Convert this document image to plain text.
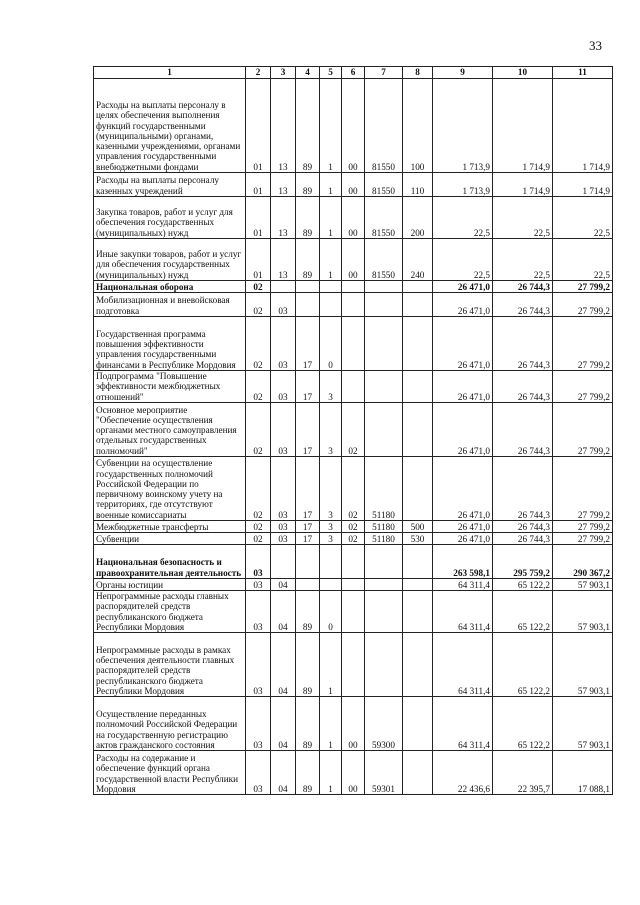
33
1	2	3	4	5	6	7	8	9	10	11
Расходы на выплаты персоналу в целях обеспечения выполнения функций государственными (муниципальными) органами, казенными учреждениями, органами управления государственными внебюджетными фондами	01	13	89	1	00	81550	100	1 713,9	1 714,9	1 714,9
Расходы на выплаты персоналу казенных учреждений	01	13	89	1	00	81550	110	1 713,9	1 714,9	1 714,9
Закупка товаров, работ и услуг для обеспечения государственных (муниципальных) нужд	01	13	89	1	00	81550	200	22,5	22,5	22,5
Иные закупки товаров, работ и услуг для обеспечения государственных (муниципальных) нужд	01	13	89	1	00	81550	240	22,5	22,5	22,5
Национальная оборона	02							26 471,0	26 744,3	27 799,2
Мобилизационная и вневойсковая подготовка	02	03						26 471,0	26 744,3	27 799,2
Государственная программа повышения эффективности управления государственными финансами в Республике Мордовия	02	03	17	0				26 471,0	26 744,3	27 799,2
Подпрограмма "Повышение эффективности межбюджетных отношений"	02	03	17	3				26 471,0	26 744,3	27 799,2
Основное мероприятие "Обеспечение осуществления органами местного самоуправления отдельных государственных полномочий"	02	03	17	3	02			26 471,0	26 744,3	27 799,2
Субвенции на осуществление государственных полномочий Российской Федерации по первичному воинскому учету на территориях, где отсутствуют военные комиссариаты	02	03	17	3	02	51180		26 471,0	26 744,3	27 799,2
Межбюджетные трансферты	02	03	17	3	02	51180	500	26 471,0	26 744,3	27 799,2
Субвенции	02	03	17	3	02	51180	530	26 471,0	26 744,3	27 799,2
Национальная безопасность и правоохранительная деятельность	03							263 598,1	295 759,2	290 367,2
Органы юстиции	03	04						64 311,4	65 122,2	57 903,1
Непрограммные расходы главных распорядителей средств республиканского бюджета Республики Мордовия	03	04	89	0				64 311,4	65 122,2	57 903,1
Непрограммные расходы в рамках обеспечения деятельности главных распорядителей средств республиканского бюджета Республики Мордовия	03	04	89	1				64 311,4	65 122,2	57 903,1
Осуществление переданных полномочий Российской Федерации на государственную регистрацию актов гражданского состояния	03	04	89	1	00	59300		64 311,4	65 122,2	57 903,1
Расходы на содержание и обеспечение функций органа государственной власти Республики Мордовия	03	04	89	1	00	59301		22 436,6	22 395,7	17 088,1
